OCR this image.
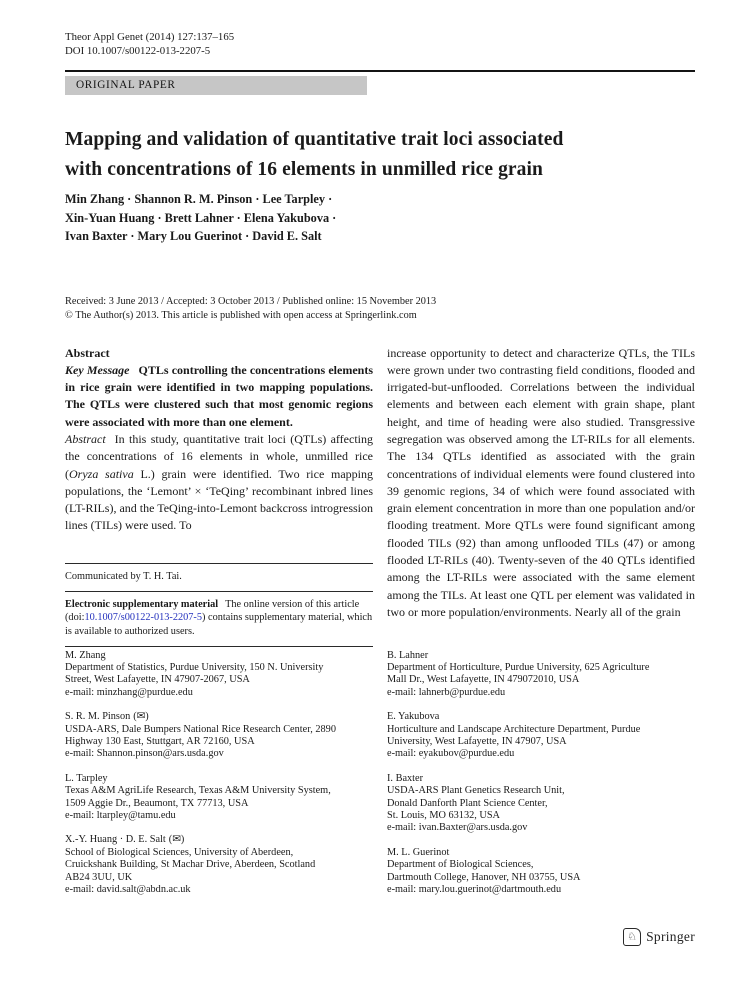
Theor Appl Genet (2014) 127:137–165
DOI 10.1007/s00122-013-2207-5
ORIGINAL PAPER
Mapping and validation of quantitative trait loci associated
with concentrations of 16 elements in unmilled rice grain
Min Zhang · Shannon R. M. Pinson · Lee Tarpley ·
Xin-Yuan Huang · Brett Lahner · Elena Yakubova ·
Ivan Baxter · Mary Lou Guerinot · David E. Salt
Received: 3 June 2013 / Accepted: 3 October 2013 / Published online: 15 November 2013
© The Author(s) 2013. This article is published with open access at Springerlink.com
Abstract

Key Message QTLs controlling the concentrations elements in rice grain were identified in two mapping populations. The QTLs were clustered such that most genomic regions were associated with more than one element.

Abstract In this study, quantitative trait loci (QTLs) affecting the concentrations of 16 elements in whole, unmilled rice (Oryza sativa L.) grain were identified. Two rice mapping populations, the ‘Lemont’ × ‘TeQing’ recombinant inbred lines (LT-RILs), and the TeQing-into-Lemont backcross introgression lines (TILs) were used. To

Communicated by T. H. Tai.
Electronic supplementary material The online version of this article (doi:10.1007/s00122-013-2207-5) contains supplementary material, which is available to authorized users.

increase opportunity to detect and characterize QTLs, the TILs were grown under two contrasting field conditions, flooded and irrigated-but-unflooded. Correlations between the individual elements and between each element with grain shape, plant height, and time of heading were also studied. Transgressive segregation was observed among the LT-RILs for all elements. The 134 QTLs identified as associated with the grain concentrations of individual elements were found clustered into 39 genomic regions, 34 of which were found associated with grain element concentration in more than one population and/or flooding treatment. More QTLs were found significant among flooded TILs (92) than among unflooded TILs (47) or among flooded LT-RILs (40). Twenty-seven of the 40 QTLs identified among the LT-RILs were associated with the same element among the TILs. At least one QTL per element was validated in two or more population/environments. Nearly all of the grain

M. Zhang
Department of Statistics, Purdue University, 150 N. University
Street, West Lafayette, IN 47907-2067, USA
e-mail: minzhang@purdue.edu
S. R. M. Pinson (✉)
USDA-ARS, Dale Bumpers National Rice Research Center, 2890
Highway 130 East, Stuttgart, AR 72160, USA
e-mail: Shannon.pinson@ars.usda.gov
L. Tarpley
Texas A&M AgriLife Research, Texas A&M University System,
1509 Aggie Dr., Beaumont, TX 77713, USA
e-mail: ltarpley@tamu.edu
X.-Y. Huang · D. E. Salt (✉)
School of Biological Sciences, University of Aberdeen,
Cruickshank Building, St Machar Drive, Aberdeen, Scotland
AB24 3UU, UK
e-mail: david.salt@abdn.ac.uk
B. Lahner
Department of Horticulture, Purdue University, 625 Agriculture
Mall Dr., West Lafayette, IN 479072010, USA
e-mail: lahnerb@purdue.edu
E. Yakubova
Horticulture and Landscape Architecture Department, Purdue
University, West Lafayette, IN 47907, USA
e-mail: eyakubov@purdue.edu
I. Baxter
USDA-ARS Plant Genetics Research Unit,
Donald Danforth Plant Science Center,
St. Louis, MO 63132, USA
e-mail: ivan.Baxter@ars.usda.gov
M. L. Guerinot
Department of Biological Sciences,
Dartmouth College, Hanover, NH 03755, USA
e-mail: mary.lou.guerinot@dartmouth.edu
♘ Springer
